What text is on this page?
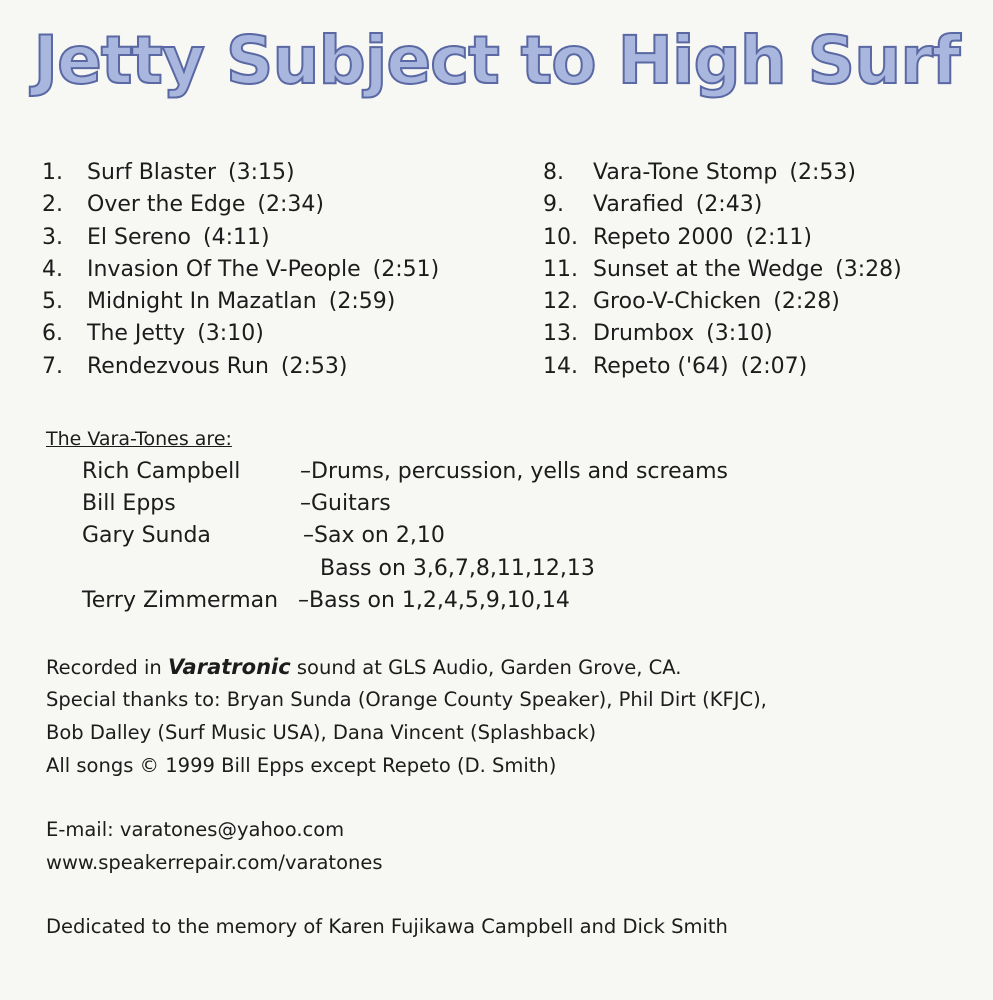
Jetty Subject to High Surf
1. Surf Blaster (3:15)
2. Over the Edge (2:34)
3. El Sereno (4:11)
4. Invasion Of The V-People (2:51)
5. Midnight In Mazatlan (2:59)
6. The Jetty (3:10)
7. Rendezvous Run (2:53)
8. Vara-Tone Stomp (2:53)
9. Varafied (2:43)
10. Repeto 2000 (2:11)
11. Sunset at the Wedge (3:28)
12. Groo-V-Chicken (2:28)
13. Drumbox (3:10)
14. Repeto ('64) (2:07)
The Vara-Tones are:
Rich Campbell	–Drums, percussion, yells and screams
Bill Epps	–Guitars
Gary Sunda	–Sax on 2,10
Bass on 3,6,7,8,11,12,13
Terry Zimmerman –Bass on 1,2,4,5,9,10,14
Recorded in Varatronic sound at GLS Audio, Garden Grove, CA.
Special thanks to: Bryan Sunda (Orange County Speaker), Phil Dirt (KFJC),
Bob Dalley (Surf Music USA), Dana Vincent (Splashback)
All songs © 1999 Bill Epps except Repeto (D. Smith)
E-mail: varatones@yahoo.com
www.speakerrepair.com/varatones
Dedicated to the memory of Karen Fujikawa Campbell and Dick Smith
